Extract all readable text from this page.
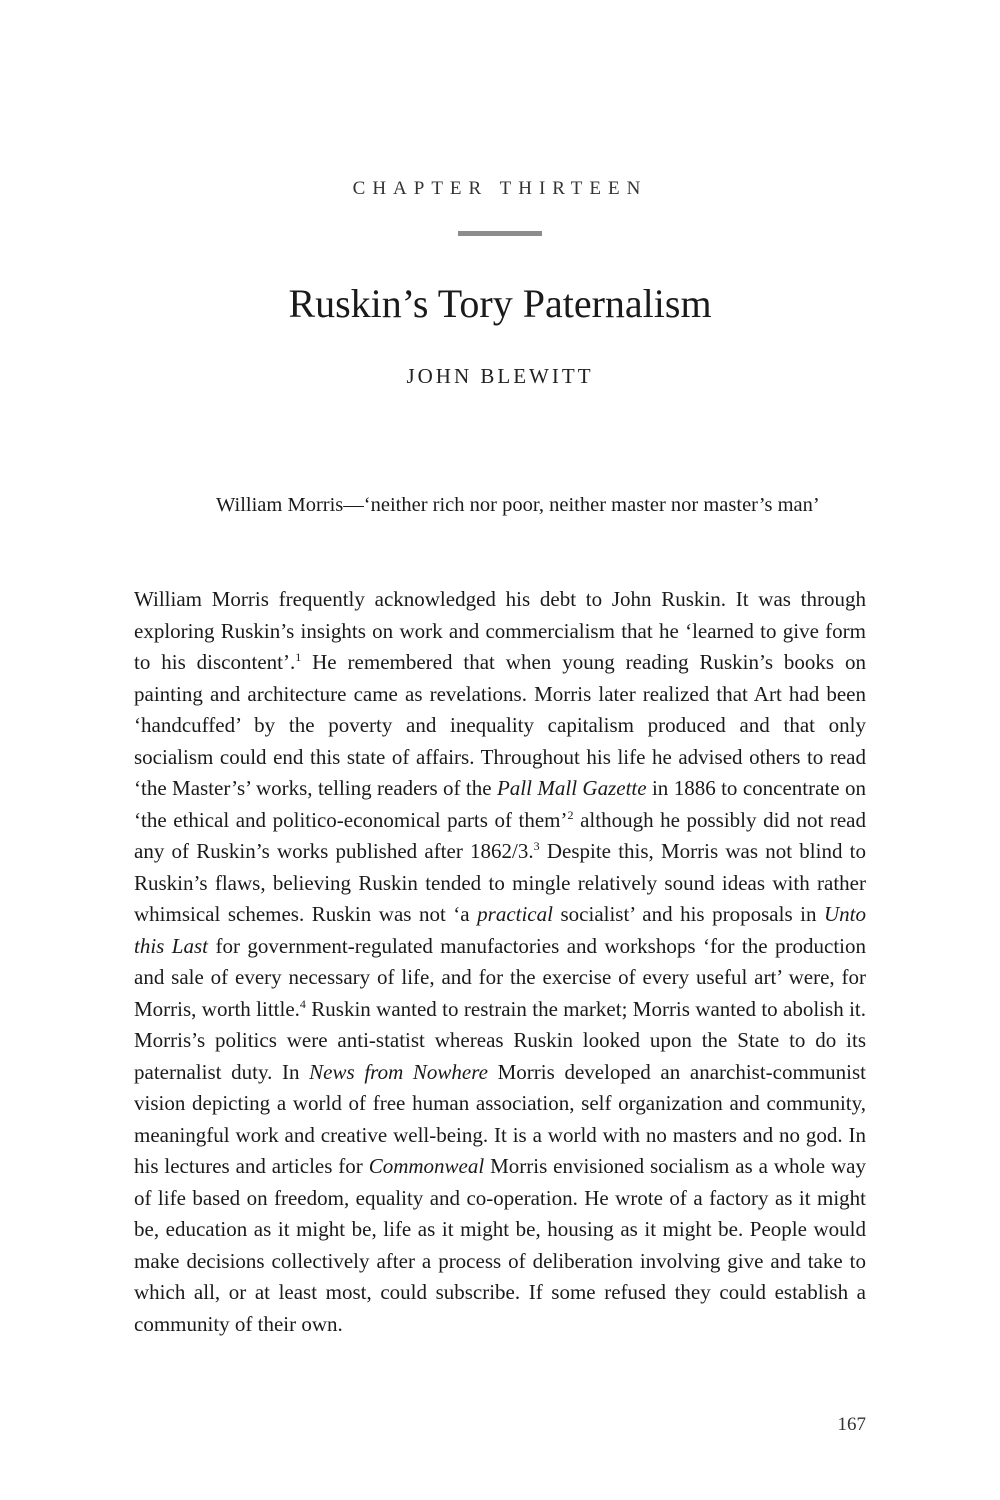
CHAPTER THIRTEEN
Ruskin’s Tory Paternalism
JOHN BLEWITT
William Morris—‘neither rich nor poor, neither master nor master’s man’

William Morris frequently acknowledged his debt to John Ruskin. It was through exploring Ruskin’s insights on work and commercialism that he ‘learned to give form to his discontent’.$^1$ He remembered that when young reading Ruskin’s books on painting and architecture came as revelations. Morris later realized that Art had been ‘handcuffed’ by the poverty and inequality capitalism produced and that only socialism could end this state of affairs. Throughout his life he advised others to read ‘the Master’s’ works, telling readers of the Pall Mall Gazette in 1886 to concentrate on ‘the ethical and politico-economical parts of them’$^2$ although he possibly did not read any of Ruskin’s works published after 1862/3.$^3$ Despite this, Morris was not blind to Ruskin’s flaws, believing Ruskin tended to mingle relatively sound ideas with rather whimsical schemes. Ruskin was not ‘a practical socialist’ and his proposals in Unto this Last for government-regulated manufactories and workshops ‘for the production and sale of every necessary of life, and for the exercise of every useful art’ were, for Morris, worth little.$^4$ Ruskin wanted to restrain the market; Morris wanted to abolish it. Morris’s politics were anti-statist whereas Ruskin looked upon the State to do its paternalist duty. In News from Nowhere Morris developed an anarchist-communist vision depicting a world of free human association, self organization and community, meaningful work and creative well-being. It is a world with no masters and no god. In his lectures and articles for Commonweal Morris envisioned socialism as a whole way of life based on freedom, equality and co-operation. He wrote of a factory as it might be, education as it might be, life as it might be, housing as it might be. People would make decisions collectively after a process of deliberation involving give and take to which all, or at least most, could subscribe. If some refused they could establish a community of their own.

167
